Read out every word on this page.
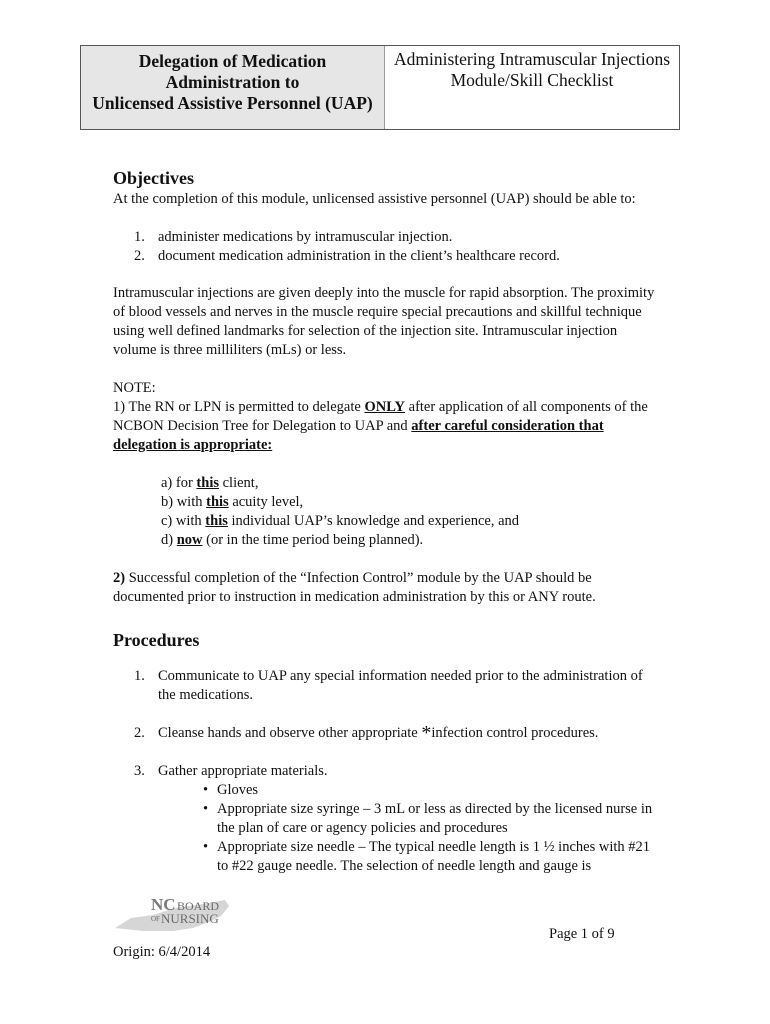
Delegation of Medication
Administration to
Unlicensed Assistive Personnel (UAP)
Administering Intramuscular Injections
Module/Skill Checklist
Objectives

At the completion of this module, unlicensed assistive personnel (UAP) should be able to:

1. administer medications by intramuscular injection.
2. document medication administration in the client’s healthcare record.

Intramuscular injections are given deeply into the muscle for rapid absorption. The proximity of blood vessels and nerves in the muscle require special precautions and skillful technique using well defined landmarks for selection of the injection site. Intramuscular injection volume is three milliliters (mLs) or less.

NOTE:

1) The RN or LPN is permitted to delegate ONLY after application of all components of the NCBON Decision Tree for Delegation to UAP and after careful consideration that delegation is appropriate:

a) for this client,
b) with this acuity level,
c) with this individual UAP’s knowledge and experience, and
d) now (or in the time period being planned).

2) Successful completion of the “Infection Control” module by the UAP should be documented prior to instruction in medication administration by this or ANY route.

Procedures
1. Communicate to UAP any special information needed prior to the administration of the medications.
2. Cleanse hands and observe other appropriate *infection control procedures.
3. Gather appropriate materials.
• Gloves
• Appropriate size syringe – 3 mL or less as directed by the licensed nurse in the plan of care or agency policies and procedures
• Appropriate size needle – The typical needle length is 1 ½ inches with #21 to #22 gauge needle. The selection of needle length and gauge is
NC BOARD
OF NURSING
Page 1 of 9
Origin: 6/4/2014
